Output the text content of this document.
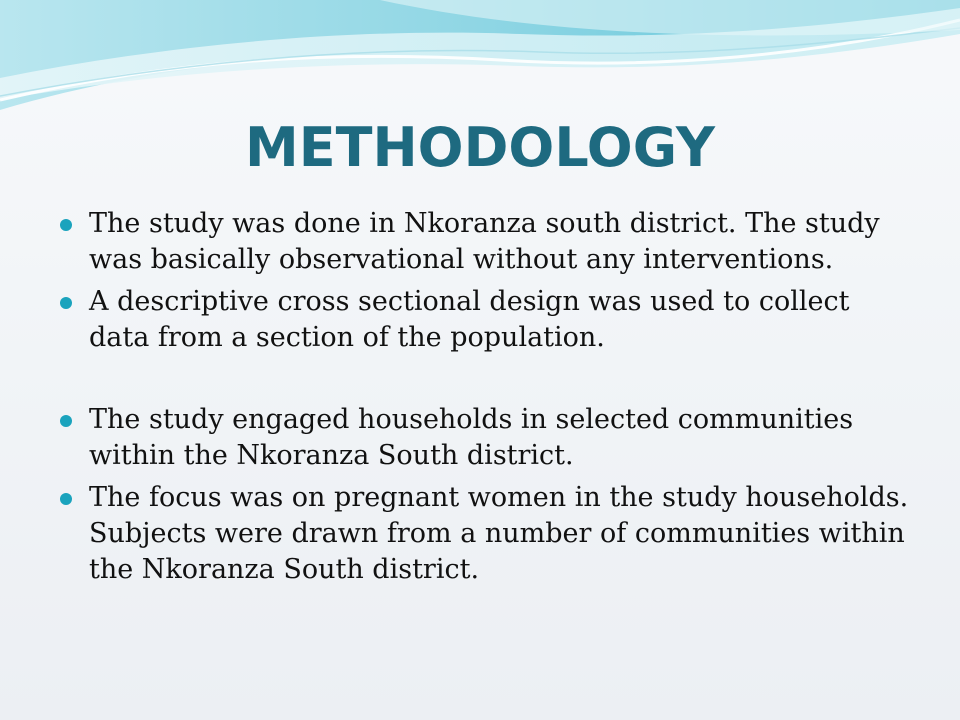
METHODOLOGY
The study was done in Nkoranza south district. The study was basically observational without any interventions.
A descriptive cross sectional design was used to collect data from a section of the population.
The study engaged households in selected communities within the Nkoranza South district.
The focus was on pregnant women in the study households. Subjects were drawn from a number of communities within the Nkoranza South district.
